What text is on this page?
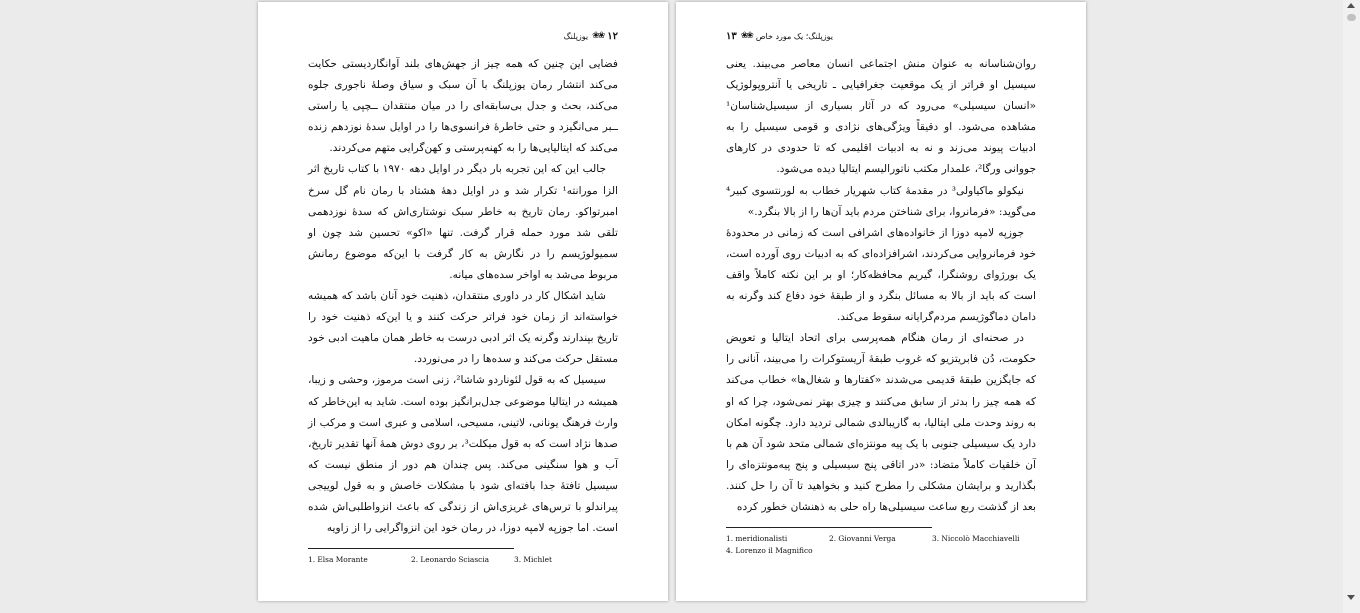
۱۲
❀❀
یوزپلنگ

فضایی این چنین که همه چیز از جهش‌های بلند آوانگاردیستی حکایت می‌کند انتشار رمان یوزپلنگ با آن سبک و سیاق وصلهٔ ناجوری جلوه می‌کند، بحث و جدل بی‌سابقه‌ای را در میان منتقدان ــچپی یا راستی ــبر می‌انگیزد و حتی خاطرهٔ فرانسوی‌ها را در اوایل سدهٔ نوزدهم زنده می‌کند که ایتالیایی‌ها را به کهنه‌پرستی و کهن‌گرایی متهم می‌کردند.

جالب این که این تجربه بار دیگر در اوایل دهه ۱۹۷۰ با کتاب تاریخ اثر الزا مورانته¹ تکرار شد و در اوایل دهه‌ٔ هشتاد با رمان نام گل سرخ امبرتواکو. رمان تاریخ به خاطر سبک نوشتاری‌اش که سدهٔ نوزدهمی تلقی شد مورد حمله قرار گرفت. تنها «اکو» تحسین شد چون او سمیولوژیسم را در نگارش به کار گرفت با این‌که موضوع رمانش مربوط می‌شد به اواخر سده‌های میانه.

شاید اشکال کار در داوری منتقدان، ذهنیت خود آنان باشد که همیشه خواسته‌اند از زمان خود فراتر حرکت کنند و یا این‌که ذهنیت خود را تاریخ بپندارند وگرنه یک اثر ادبی درست به خاطر همان ماهیت ادبی خود مستقل حرکت می‌کند و سده‌ها را در می‌نوردد.

سیسیل که به قول لئوناردو شاشا²، زنی است مرموز، وحشی و زیبا، همیشه در ایتالیا موضوعی جدل‌برانگیز بوده است. شاید به این‌خاطر که وارث فرهنگ یونانی، لاتینی، مسیحی، اسلامی و عبری است و مرکب از صدها نژاد است که به قول میکلت³، بر روی دوش همهٔ آنها تقدیر تاریخ، آب و هوا سنگینی می‌کند. پس چندان هم دور از منطق نیست که سیسیل تافتهٔ جدا بافته‌ای شود با مشکلات خاصش و به قول لوییجی پیراندلو با ترس‌های غریزی‌اش از زندگی که باعث انزواطلبی‌اش شده است. اما جوزپه لامپه دوزا، در رمان خود این انزواگرایی را از زاویه

1. Elsa Morante	2. Leonardo Sciascia	3. Michlet
۱۳ ❀❀ یوزپلنگ؛ یک مورد خاص

روان‌شناسانه به عنوان منش اجتماعی انسان معاصر می‌بیند. یعنی سیسیل او فراتر از یک موقعیت جغرافیایی ـ تاریخی یا آنتروپولوژیک «انسان سیسیلی» می‌رود که در آثار بسیاری از سیسیل‌شناسان¹ مشاهده می‌شود. او دقیقاً ویژگی‌های نژادی و قومی سیسیل را به ادبیات پیوند می‌زند و نه به ادبیات اقلیمی که تا حدودی در کارهای جووانی ورگا²، علمدار مکتب ناتورالیسم ایتالیا دیده می‌شود.

نیکولو ماکیاولی³ در مقدمهٔ کتاب شهریار خطاب به لورنتسوی کبیر⁴ می‌گوید: «فرمانروا، برای شناختن مردم باید آن‌ها را از بالا بنگرد.»

جوزپه لامپه دوزا از خانواده‌های اشرافی است که زمانی در محدودهٔ خود فرمانروایی می‌کردند، اشرافزاده‌ای که به ادبیات روی آورده است، یک بورژوای روشنگرا، گیریم محافظه‌کار؛ او بر این نکته کاملاً واقف است که باید از بالا به مسائل بنگرد و از طبقهٔ خود دفاع کند وگرنه به دامان دماگوژیسم مردم‌گرایانه سقوط می‌کند.

در صحنه‌ای از رمان هنگام همه‌پرسی برای اتحاد ایتالیا و تعویض حکومت، دُن فابریتزیو که غروب طبقهٔ آریستوکرات را می‌بیند، آنانی را که جایگزین طبقهٔ قدیمی می‌شدند «کفتارها و شغال‌ها» خطاب می‌کند که همه چیز را بدتر از سابق می‌کنند و چیزی بهتر نمی‌شود، چرا که او به روند وحدت ملی ایتالیا، به گاریبالدی شمالی تردید دارد. چگونه امکان دارد یک سیسیلی جنوبی با یک پیه مونتزه‌ای شمالی متحد شود آن هم با آن خلقیات کاملاً متضاد: «در اتاقی پنج سیسیلی و پنج پیه‌مونتزه‌ای را بگذارید و برایشان مشکلی را مطرح کنید و بخواهید تا آن را حل کنند. بعد از گذشت ربع ساعت سیسیلی‌ها راه حلی به ذهنشان خطور کرده

1. meridionalisti	2. Giovanni Verga	3. Niccolò Macchiavelli
4. Lorenzo il Magnifico
